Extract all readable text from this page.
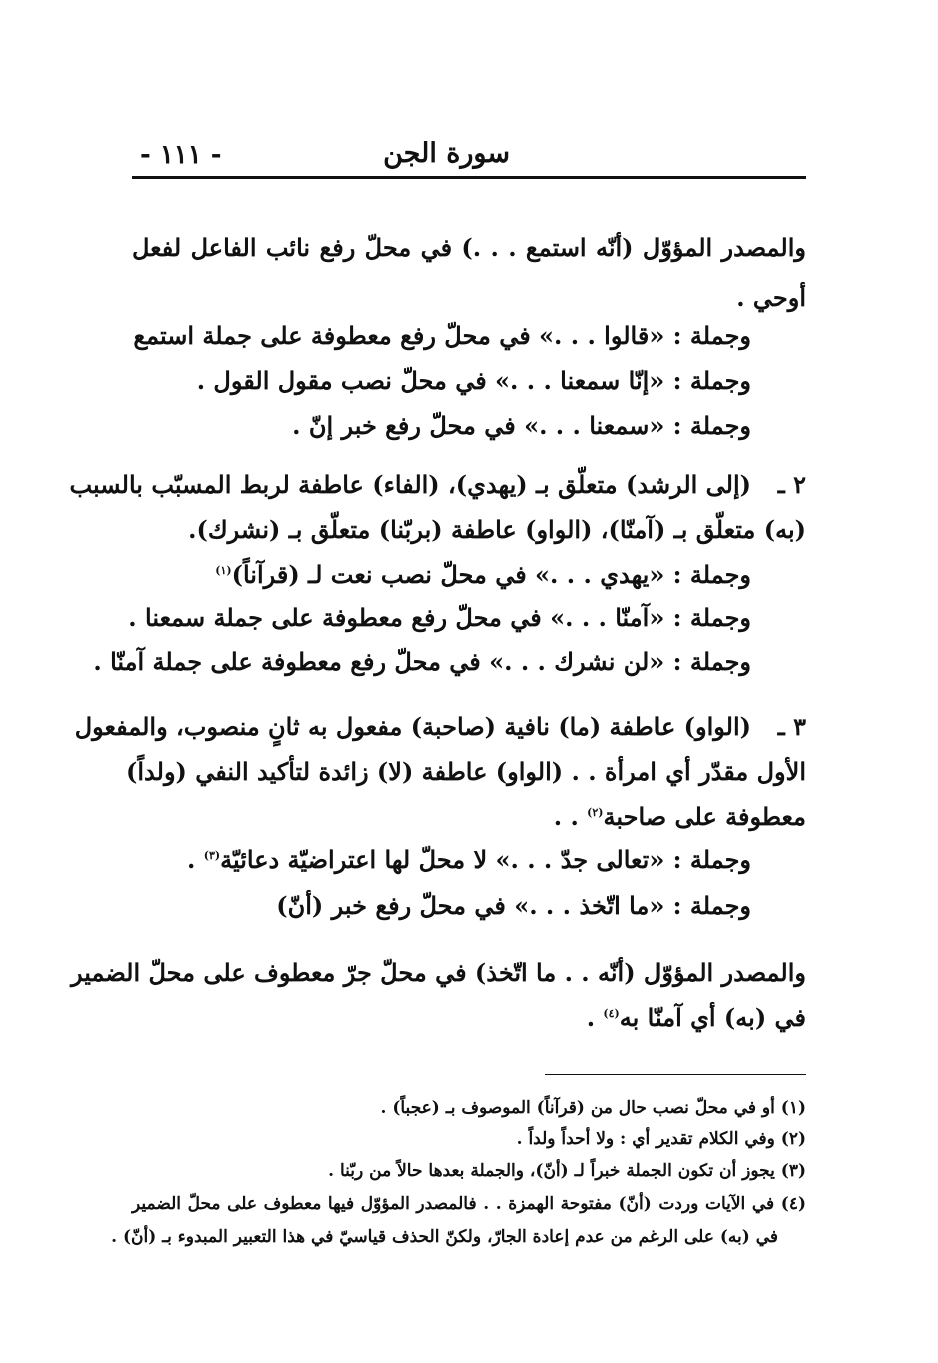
سورة الجن
- ١١١ -
والمصدر المؤوّل (أنّه استمع . . .) في محلّ رفع نائب الفاعل لفعل
أوحي .
وجملة : «قالوا . . .» في محلّ رفع معطوفة على جملة استمع
وجملة : «إنّا سمعنا . . .» في محلّ نصب مقول القول .
وجملة : «سمعنا . . .» في محلّ رفع خبر إنّ .
٢ ـ
(إلى الرشد) متعلّق بـ (يهدي)، (الفاء) عاطفة لربط المسبّب بالسبب
(به) متعلّق بـ (آمنّا)، (الواو) عاطفة (بربّنا) متعلّق بـ (نشرك).
وجملة : «يهدي . . .» في محلّ نصب نعت لـ (قرآناً)$^{(١)}$
وجملة : «آمنّا . . .» في محلّ رفع معطوفة على جملة سمعنا .
وجملة : «لن نشرك . . .» في محلّ رفع معطوفة على جملة آمنّا .
٣ ـ
(الواو) عاطفة (ما) نافية (صاحبة) مفعول به ثانٍ منصوب، والمفعول
الأول مقدّر أي امرأة . . (الواو) عاطفة (لا) زائدة لتأكيد النفي (ولداً)
معطوفة على صاحبة$^{(٢)}$ . .
وجملة : «تعالى جدّ . . .» لا محلّ لها اعتراضيّة دعائيّة$^{(٣)}$ .
وجملة : «ما اتّخذ . . .» في محلّ رفع خبر (أنّ)
والمصدر المؤوّل (أنّه . . ما اتّخذ) في محلّ جرّ معطوف على محلّ الضمير
في (به) أي آمنّا به$^{(٤)}$ .
(١) أو في محلّ نصب حال من (قرآناً) الموصوف بـ (عجباً) .
(٢) وفي الكلام تقدير أي : ولا أحداً ولداً .
(٣) يجوز أن تكون الجملة خبراً لـ (أنّ)، والجملة بعدها حالاً من ربّنا .
(٤) في الآيات وردت (أنّ) مفتوحة الهمزة . . فالمصدر المؤوّل فيها معطوف على محلّ الضمير
في (به) على الرغم من عدم إعادة الجارّ، ولكنّ الحذف قياسيّ في هذا التعبير المبدوء بـ (أنّ) .
